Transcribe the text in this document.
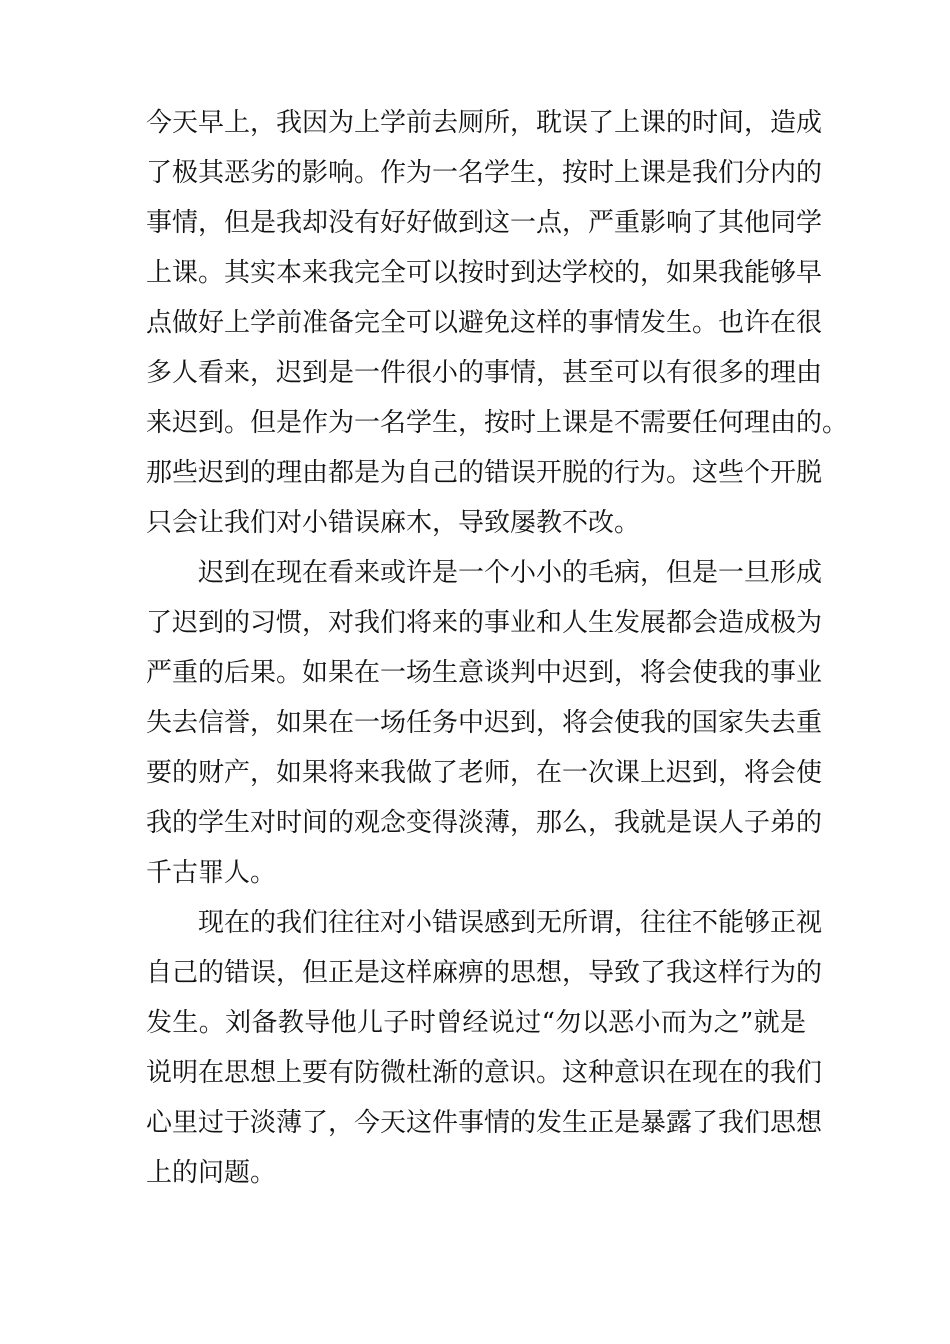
今天早上，我因为上学前去厕所，耽误了上课的时间，造成
了极其恶劣的影响。作为一名学生，按时上课是我们分内的
事情，但是我却没有好好做到这一点，严重影响了其他同学
上课。其实本来我完全可以按时到达学校的，如果我能够早
点做好上学前准备完全可以避免这样的事情发生。也许在很
多人看来，迟到是一件很小的事情，甚至可以有很多的理由
来迟到。但是作为一名学生，按时上课是不需要任何理由的。
那些迟到的理由都是为自己的错误开脱的行为。这些个开脱
只会让我们对小错误麻木，导致屡教不改。
迟到在现在看来或许是一个小小的毛病，但是一旦形成
了迟到的习惯，对我们将来的事业和人生发展都会造成极为
严重的后果。如果在一场生意谈判中迟到，将会使我的事业
失去信誉，如果在一场任务中迟到，将会使我的国家失去重
要的财产，如果将来我做了老师，在一次课上迟到，将会使
我的学生对时间的观念变得淡薄，那么，我就是误人子弟的
千古罪人。
现在的我们往往对小错误感到无所谓，往往不能够正视
自己的错误，但正是这样麻痹的思想，导致了我这样行为的
发生。刘备教导他儿子时曾经说过“勿以恶小而为之”就是
说明在思想上要有防微杜渐的意识。这种意识在现在的我们
心里过于淡薄了，今天这件事情的发生正是暴露了我们思想
上的问题。
